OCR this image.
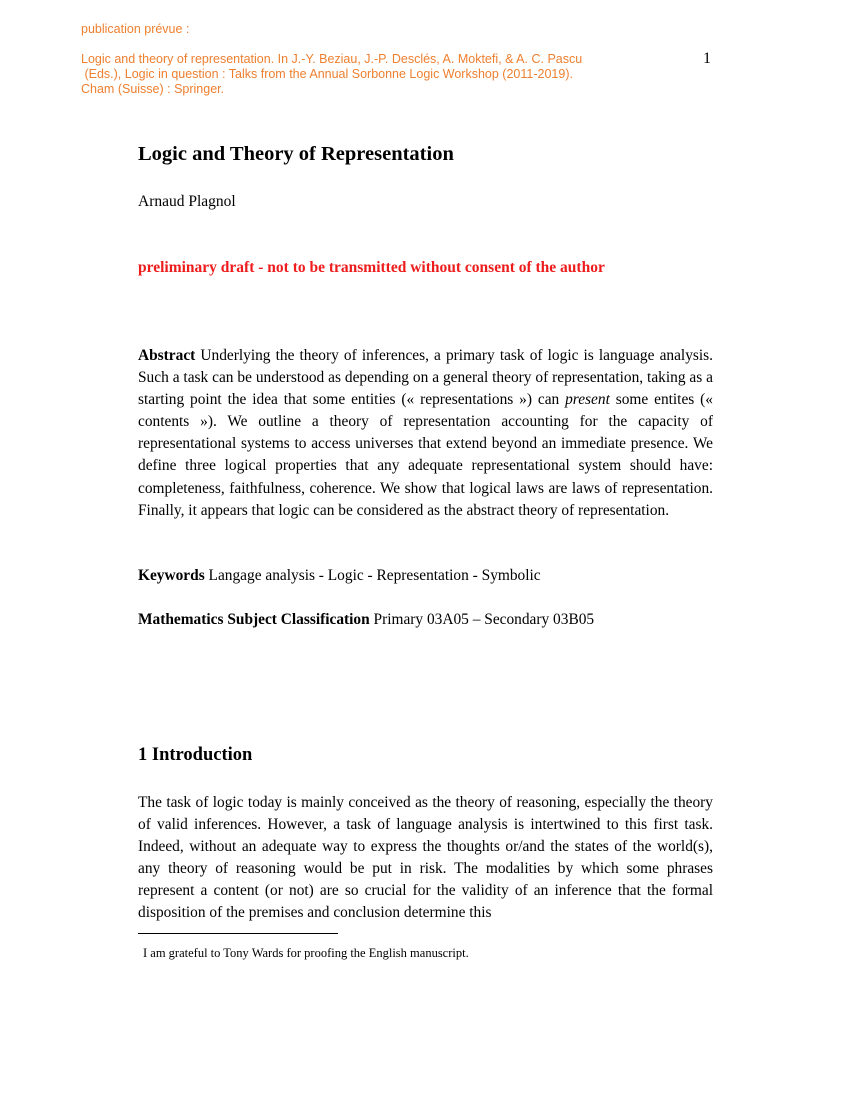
publication prévue :
Logic and theory of representation. In J.-Y. Beziau, J.-P. Desclés, A. Moktefi, & A. C. Pascu
(Eds.), Logic in question : Talks from the Annual Sorbonne Logic Workshop (2011-2019).
Cham (Suisse) : Springer.
1
Logic and Theory of Representation
Arnaud Plagnol
preliminary draft - not to be transmitted without consent of the author
Abstract Underlying the theory of inferences, a primary task of logic is language analysis. Such a task can be understood as depending on a general theory of representation, taking as a starting point the idea that some entities (« representations ») can present some entites (« contents »). We outline a theory of representation accounting for the capacity of representational systems to access universes that extend beyond an immediate presence. We define three logical properties that any adequate representational system should have: completeness, faithfulness, coherence. We show that logical laws are laws of representation. Finally, it appears that logic can be considered as the abstract theory of representation.
Keywords Langage analysis - Logic - Representation - Symbolic
Mathematics Subject Classification Primary 03A05 – Secondary 03B05
1 Introduction
The task of logic today is mainly conceived as the theory of reasoning, especially the theory of valid inferences. However, a task of language analysis is intertwined to this first task. Indeed, without an adequate way to express the thoughts or/and the states of the world(s), any theory of reasoning would be put in risk. The modalities by which some phrases represent a content (or not) are so crucial for the validity of an inference that the formal disposition of the premises and conclusion determine this
I am grateful to Tony Wards for proofing the English manuscript.
